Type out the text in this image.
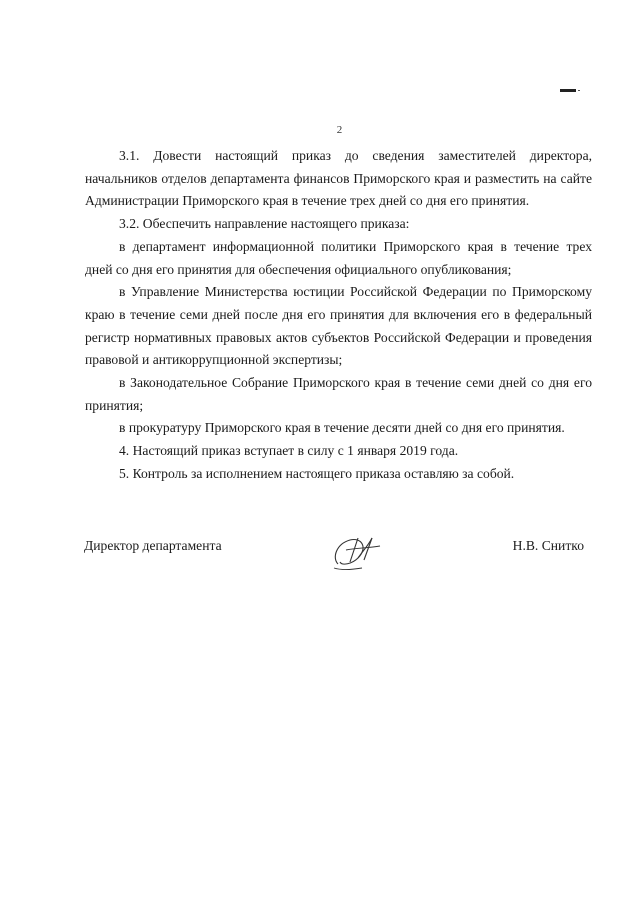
2

3.1. Довести настоящий приказ до сведения заместителей директора, начальников отделов департамента финансов Приморского края и разместить на сайте Администрации Приморского края в течение трех дней со дня его принятия.

3.2. Обеспечить направление настоящего приказа:

в департамент информационной политики Приморского края в течение трех дней со дня его принятия для обеспечения официального опубликования;

в Управление Министерства юстиции Российской Федерации по Приморскому краю в течение семи дней после дня его принятия для включения его в федеральный регистр нормативных правовых актов субъектов Российской Федерации и проведения правовой и антикоррупционной экспертизы;

в Законодательное Собрание Приморского края в течение семи дней со дня его принятия;

в прокуратуру Приморского края в течение десяти дней со дня его принятия.

4. Настоящий приказ вступает в силу с 1 января 2019 года.

5. Контроль за исполнением настоящего приказа оставляю за собой.

Директор департамента	Н.В. Снитко
